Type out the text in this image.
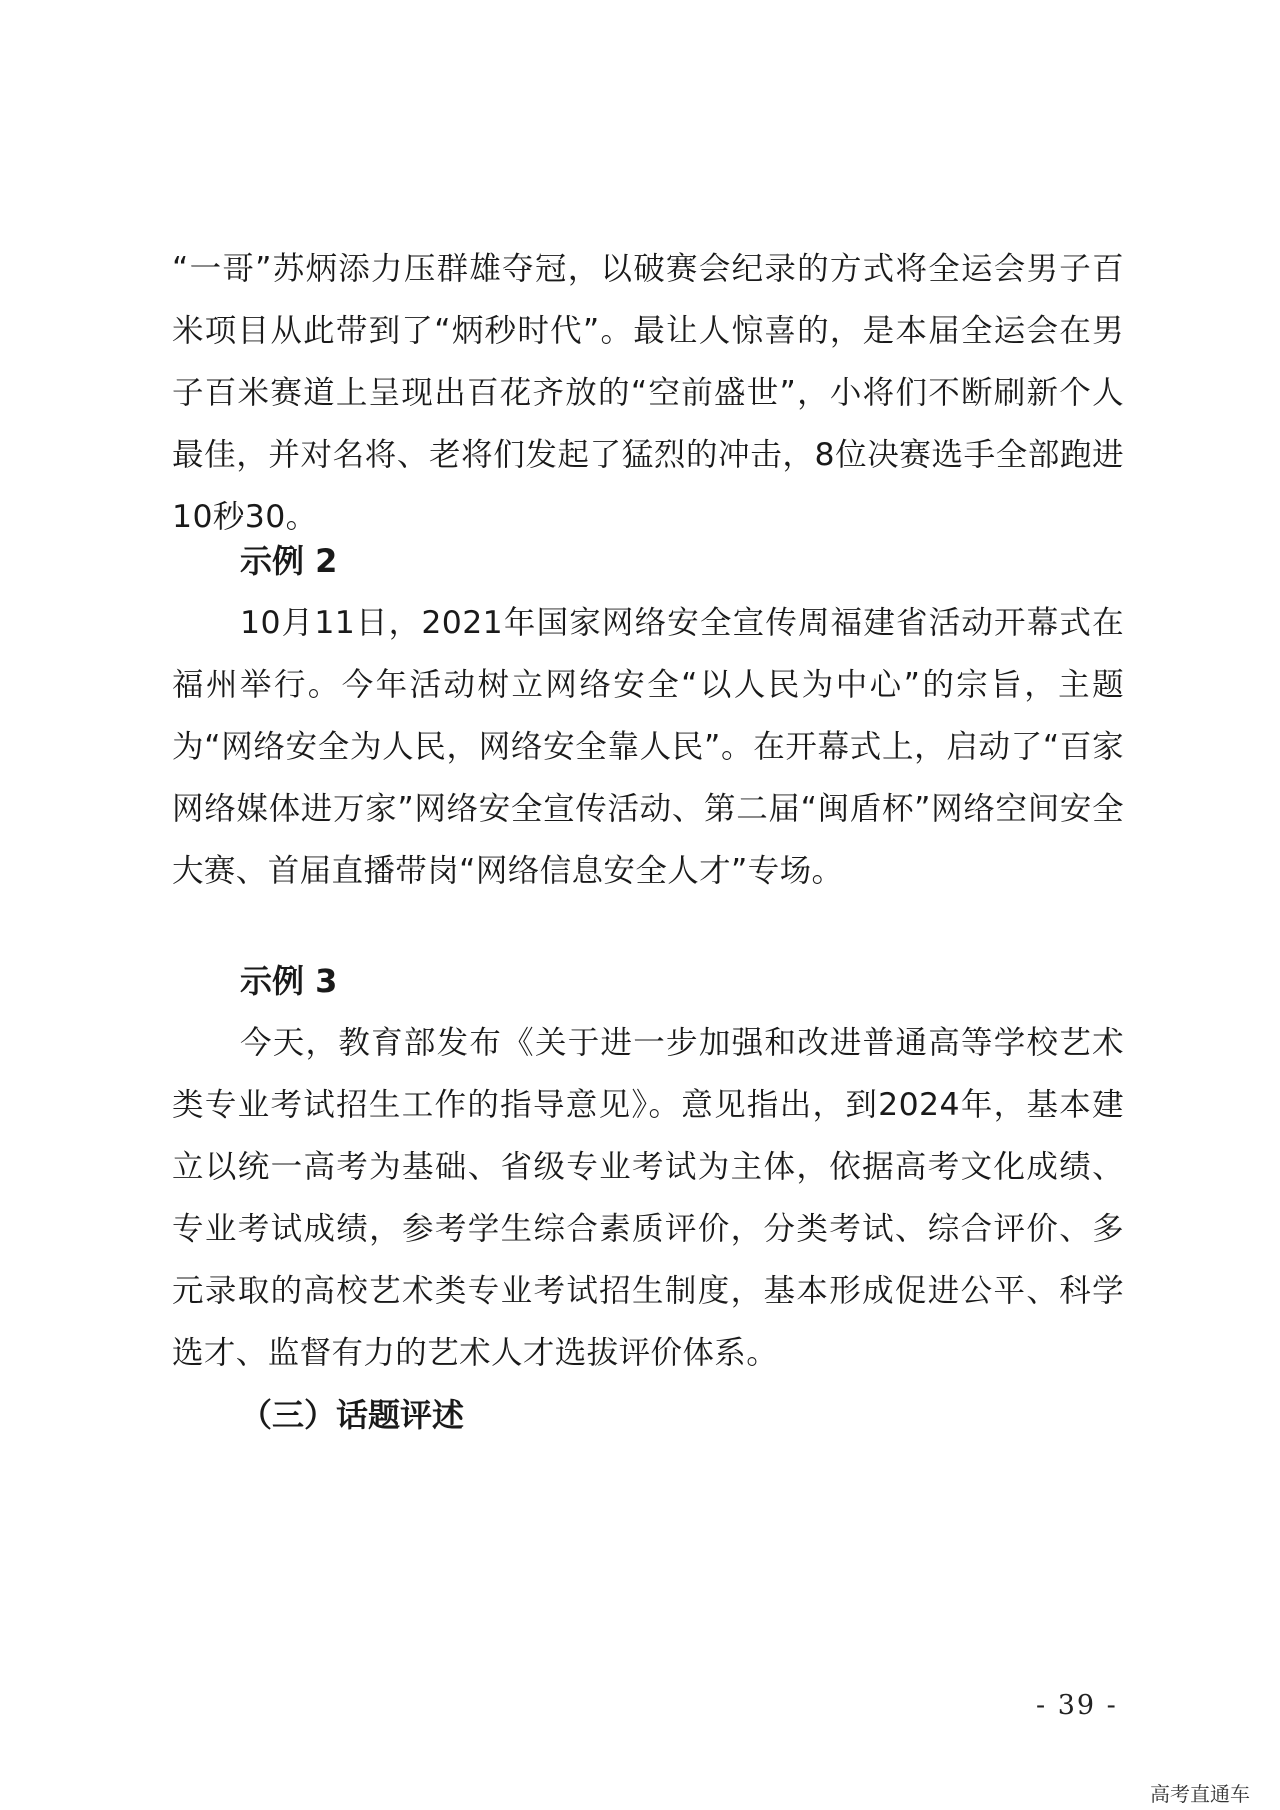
“一哥”苏炳添力压群雄夺冠，以破赛会纪录的方式将全运会男子百米项目从此带到了“炳秒时代”。最让人惊喜的，是本届全运会在男子百米赛道上呈现出百花齐放的“空前盛世”，小将们不断刷新个人最佳，并对名将、老将们发起了猛烈的冲击，8位决赛选手全部跑进10秒30。

示例 2

10月11日，2021年国家网络安全宣传周福建省活动开幕式在福州举行。今年活动树立网络安全“以人民为中心”的宗旨，主题为“网络安全为人民，网络安全靠人民”。在开幕式上，启动了“百家网络媒体进万家”网络安全宣传活动、第二届“闽盾杯”网络空间安全大赛、首届直播带岗“网络信息安全人才”专场。

示例 3

今天，教育部发布《关于进一步加强和改进普通高等学校艺术类专业考试招生工作的指导意见》。意见指出，到2024年，基本建立以统一高考为基础、省级专业考试为主体，依据高考文化成绩、专业考试成绩，参考学生综合素质评价，分类考试、综合评价、多元录取的高校艺术类专业考试招生制度，基本形成促进公平、科学选才、监督有力的艺术人才选拔评价体系。

（三）话题评述

- 39 -
高考直通车
